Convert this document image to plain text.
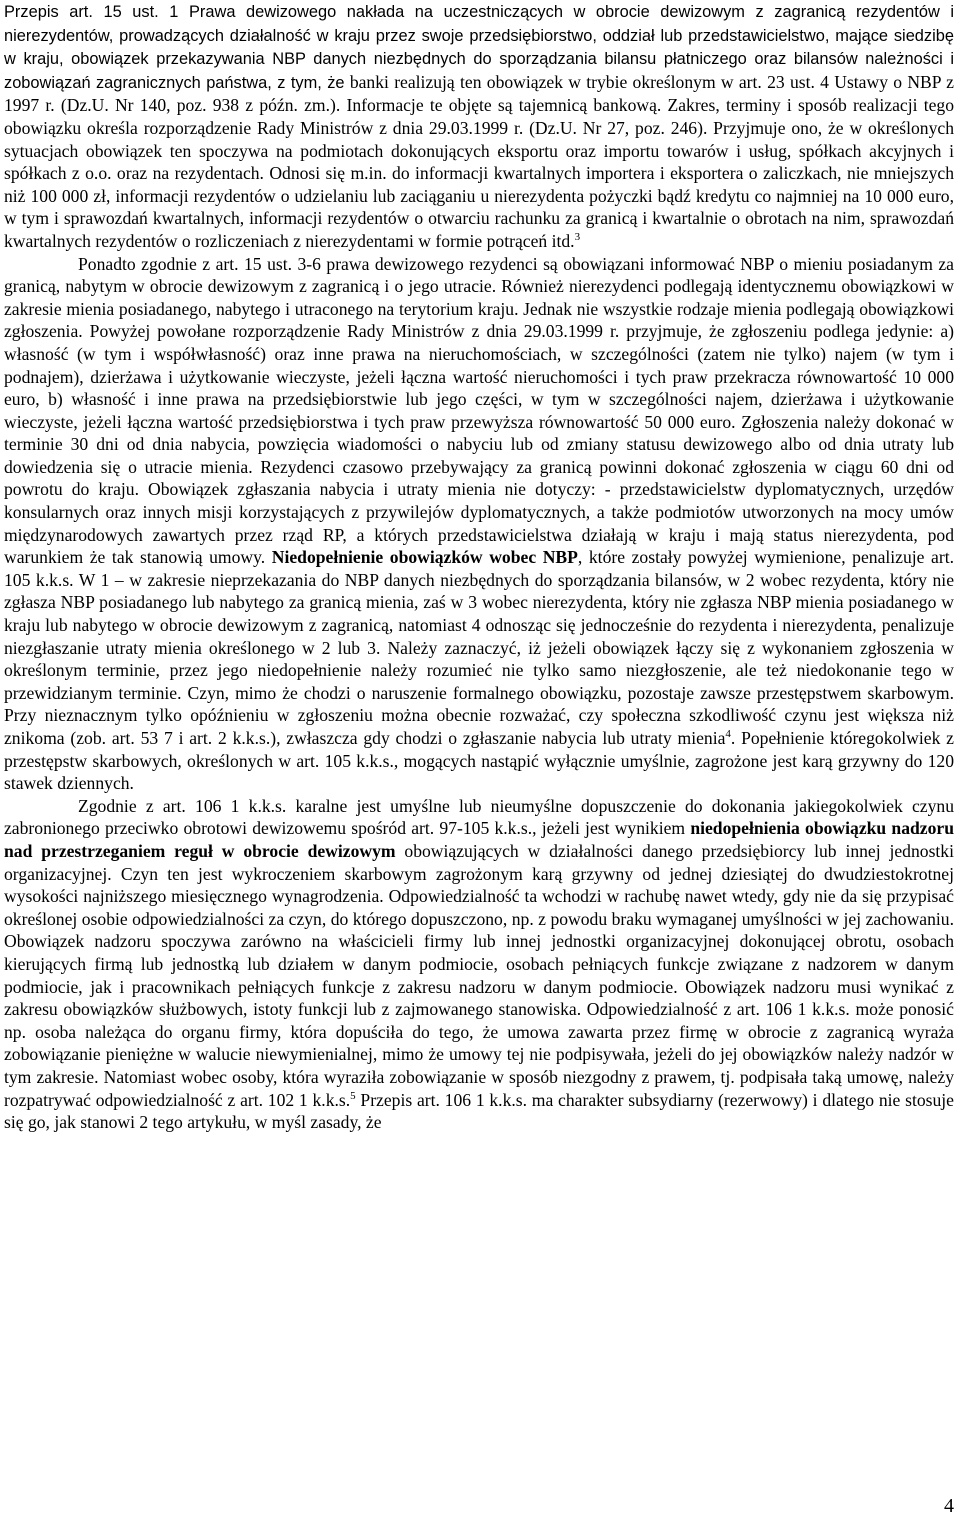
Przepis art. 15 ust. 1 Prawa dewizowego nakłada na uczestniczących w obrocie dewizowym z zagranicą rezydentów i nierezydentów, prowadzących działalność w kraju przez swoje przedsiębiorstwo, oddział lub przedstawicielstwo, mające siedzibę w kraju, obowiązek przekazywania NBP danych niezbędnych do sporządzania bilansu płatniczego oraz bilansów należności i zobowiązań zagranicznych państwa, z tym, że banki realizują ten obowiązek w trybie określonym w art. 23 ust. 4 Ustawy o NBP z 1997 r. (Dz.U. Nr 140, poz. 938 z późn. zm.). Informacje te objęte są tajemnicą bankową. Zakres, terminy i sposób realizacji tego obowiązku określa rozporządzenie Rady Ministrów z dnia 29.03.1999 r. (Dz.U. Nr 27, poz. 246). Przyjmuje ono, że w określonych sytuacjach obowiązek ten spoczywa na podmiotach dokonujących eksportu oraz importu towarów i usług, spółkach akcyjnych i spółkach z o.o. oraz na rezydentach. Odnosi się m.in. do informacji kwartalnych importera i eksportera o zaliczkach, nie mniejszych niż 100 000 zł, informacji rezydentów o udzielaniu lub zaciąganiu u nierezydenta pożyczki bądź kredytu co najmniej na 10 000 euro, w tym i sprawozdań kwartalnych, informacji rezydentów o otwarciu rachunku za granicą i kwartalnie o obrotach na nim, sprawozdań kwartalnych rezydentów o rozliczeniach z nierezydentami w formie potrąceń itd.$^3$

Ponadto zgodnie z art. 15 ust. 3-6 prawa dewizowego rezydenci są obowiązani informować NBP o mieniu posiadanym za granicą, nabytym w obrocie dewizowym z zagranicą i o jego utracie. Również nierezydenci podlegają identycznemu obowiązkowi w zakresie mienia posiadanego, nabytego i utraconego na terytorium kraju. Jednak nie wszystkie rodzaje mienia podlegają obowiązkowi zgłoszenia. Powyżej powołane rozporządzenie Rady Ministrów z dnia 29.03.1999 r. przyjmuje, że zgłoszeniu podlega jedynie: a) własność (w tym i współwłasność) oraz inne prawa na nieruchomościach, w szczególności (zatem nie tylko) najem (w tym i podnajem), dzierżawa i użytkowanie wieczyste, jeżeli łączna wartość nieruchomości i tych praw przekracza równowartość 10 000 euro, b) własność i inne prawa na przedsiębiorstwie lub jego części, w tym w szczególności najem, dzierżawa i użytkowanie wieczyste, jeżeli łączna wartość przedsiębiorstwa i tych praw przewyższa równowartość 50 000 euro. Zgłoszenia należy dokonać w terminie 30 dni od dnia nabycia, powzięcia wiadomości o nabyciu lub od zmiany statusu dewizowego albo od dnia utraty lub dowiedzenia się o utracie mienia. Rezydenci czasowo przebywający za granicą powinni dokonać zgłoszenia w ciągu 60 dni od powrotu do kraju. Obowiązek zgłaszania nabycia i utraty mienia nie dotyczy: - przedstawicielstw dyplomatycznych, urzędów konsularnych oraz innych misji korzystających z przywilejów dyplomatycznych, a także podmiotów utworzonych na mocy umów międzynarodowych zawartych przez rząd RP, a których przedstawicielstwa działają w kraju i mają status nierezydenta, pod warunkiem że tak stanowią umowy. Niedopełnienie obowiązków wobec NBP, które zostały powyżej wymienione, penalizuje art. 105 k.k.s. W 1 – w zakresie nieprzekazania do NBP danych niezbędnych do sporządzania bilansów, w 2 wobec rezydenta, który nie zgłasza NBP posiadanego lub nabytego za granicą mienia, zaś w 3 wobec nierezydenta, który nie zgłasza NBP mienia posiadanego w kraju lub nabytego w obrocie dewizowym z zagranicą, natomiast 4 odnosząc się jednocześnie do rezydenta i nierezydenta, penalizuje niezgłaszanie utraty mienia określonego w 2 lub 3. Należy zaznaczyć, iż jeżeli obowiązek łączy się z wykonaniem zgłoszenia w określonym terminie, przez jego niedopełnienie należy rozumieć nie tylko samo niezgłoszenie, ale też niedokonanie tego w przewidzianym terminie. Czyn, mimo że chodzi o naruszenie formalnego obowiązku, pozostaje zawsze przestępstwem skarbowym. Przy nieznacznym tylko opóźnieniu w zgłoszeniu można obecnie rozważać, czy społeczna szkodliwość czynu jest większa niż znikoma (zob. art. 53 7 i art. 2 k.k.s.), zwłaszcza gdy chodzi o zgłaszanie nabycia lub utraty mienia$^4$. Popełnienie któregokolwiek z przestępstw skarbowych, określonych w art. 105 k.k.s., mogących nastąpić wyłącznie umyślnie, zagrożone jest karą grzywny do 120 stawek dziennych.

Zgodnie z art. 106 1 k.k.s. karalne jest umyślne lub nieumyślne dopuszczenie do dokonania jakiegokolwiek czynu zabronionego przeciwko obrotowi dewizowemu spośród art. 97-105 k.k.s., jeżeli jest wynikiem niedopełnienia obowiązku nadzoru nad przestrzeganiem reguł w obrocie dewizowym obowiązujących w działalności danego przedsiębiorcy lub innej jednostki organizacyjnej. Czyn ten jest wykroczeniem skarbowym zagrożonym karą grzywny od jednej dziesiątej do dwudziestokrotnej wysokości najniższego miesięcznego wynagrodzenia. Odpowiedzialność ta wchodzi w rachubę nawet wtedy, gdy nie da się przypisać określonej osobie odpowiedzialności za czyn, do którego dopuszczono, np. z powodu braku wymaganej umyślności w jej zachowaniu. Obowiązek nadzoru spoczywa zarówno na właścicieli firmy lub innej jednostki organizacyjnej dokonującej obrotu, osobach kierujących firmą lub jednostką lub działem w danym podmiocie, osobach pełniących funkcje związane z nadzorem w danym podmiocie, jak i pracownikach pełniących funkcje z zakresu nadzoru w danym podmiocie. Obowiązek nadzoru musi wynikać z zakresu obowiązków służbowych, istoty funkcji lub z zajmowanego stanowiska. Odpowiedzialność z art. 106 1 k.k.s. może ponosić np. osoba należąca do organu firmy, która dopuściła do tego, że umowa zawarta przez firmę w obrocie z zagranicą wyraża zobowiązanie pieniężne w walucie niewymienialnej, mimo że umowy tej nie podpisywała, jeżeli do jej obowiązków należy nadzór w tym zakresie. Natomiast wobec osoby, która wyraziła zobowiązanie w sposób niezgodny z prawem, tj. podpisała taką umowę, należy rozpatrywać odpowiedzialność z art. 102 1 k.k.s.$^5$ Przepis art. 106 1 k.k.s. ma charakter subsydiarny (rezerwowy) i dlatego nie stosuje się go, jak stanowi 2 tego artykułu, w myśl zasady, że

4
